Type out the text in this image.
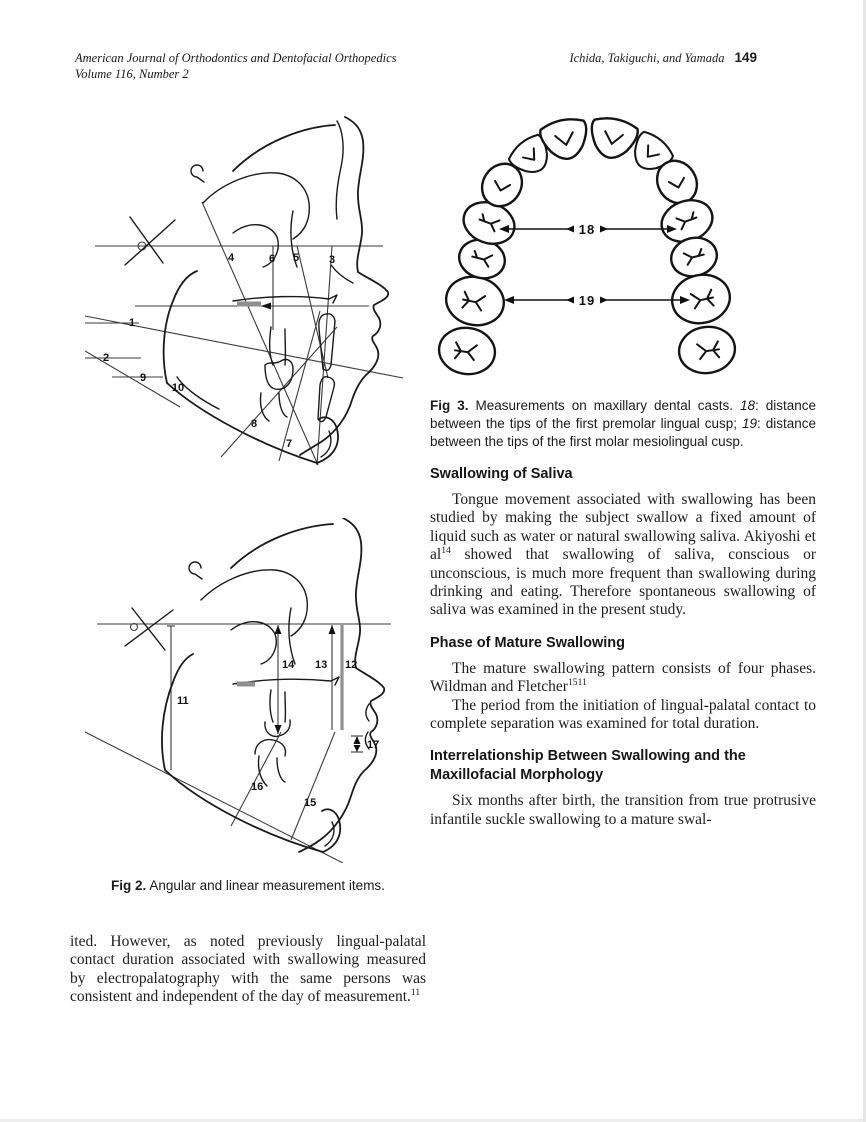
American Journal of Orthodontics and Dentofacial Orthopedics
Volume 116, Number 2
Ichida, Takiguchi, and Yamada 149
1
2
9
10
4	6 5	3
8
7
11
14 13 12
17
16
15
Fig 2. Angular and linear measurement items.

ited. However, as noted previously lingual-palatal contact duration associated with swallowing measured by electropalatography with the same persons was consistent and independent of the day of measurement.$^{11}$

18
19
Fig 3. Measurements on maxillary dental casts. 18: distance between the tips of the first premolar lingual cusp; 19: distance between the tips of the first molar mesiolingual cusp.
Swallowing of Saliva

Tongue movement associated with swallowing has been studied by making the subject swallow a fixed amount of liquid such as water or natural swallowing saliva. Akiyoshi et $al^{14}$ showed that swallowing of saliva, conscious or unconscious, is much more frequent than swallowing during drinking and eating. Therefore spontaneous swallowing of saliva was examined in the present study.

Phase of Mature Swallowing

The mature swallowing pattern consists of four phases. Wildman and Fletcher$^{1511}$

The period from the initiation of lingual-palatal contact to complete separation was examined for total duration.

Interrelationship Between Swallowing and the Maxillofacial Morphology

Six months after birth, the transition from true protrusive infantile suckle swallowing to a mature swal-
